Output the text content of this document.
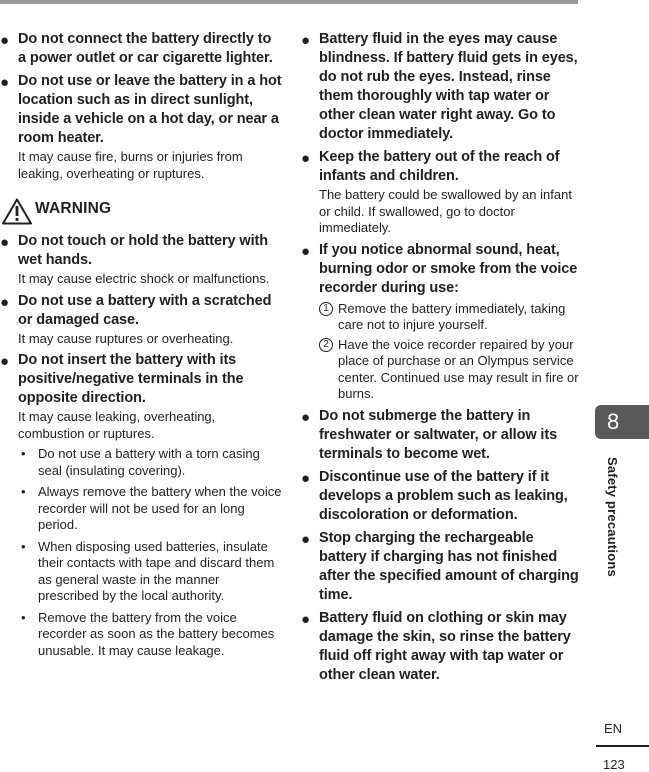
● Do not connect the battery directly to a power outlet or car cigarette lighter.
● Do not use or leave the battery in a hot location such as in direct sunlight, inside a vehicle on a hot day, or near a room heater.
It may cause fire, burns or injuries from leaking, overheating or ruptures.
WARNING
● Do not touch or hold the battery with wet hands.
It may cause electric shock or malfunctions.
● Do not use a battery with a scratched or damaged case.
It may cause ruptures or overheating.
● Do not insert the battery with its positive/negative terminals in the opposite direction.
It may cause leaking, overheating, combustion or ruptures.
• Do not use a battery with a torn casing seal (insulating covering).
• Always remove the battery when the voice recorder will not be used for an long period.
• When disposing used batteries, insulate their contacts with tape and discard them as general waste in the manner prescribed by the local authority.
• Remove the battery from the voice recorder as soon as the battery becomes unusable. It may cause leakage.
● Battery fluid in the eyes may cause blindness. If battery fluid gets in eyes, do not rub the eyes. Instead, rinse them thoroughly with tap water or other clean water right away. Go to doctor immediately.
● Keep the battery out of the reach of infants and children.
The battery could be swallowed by an infant or child. If swallowed, go to doctor immediately.
● If you notice abnormal sound, heat, burning odor or smoke from the voice recorder during use:
1 Remove the battery immediately, taking care not to injure yourself.
2 Have the voice recorder repaired by your place of purchase or an Olympus service center. Continued use may result in fire or burns.
● Do not submerge the battery in freshwater or saltwater, or allow its terminals to become wet.
● Discontinue use of the battery if it develops a problem such as leaking, discoloration or deformation.
● Stop charging the rechargeable battery if charging has not finished after the specified amount of charging time.
● Battery fluid on clothing or skin may damage the skin, so rinse the battery fluid off right away with tap water or other clean water.
8
Safety precautions
EN
123
